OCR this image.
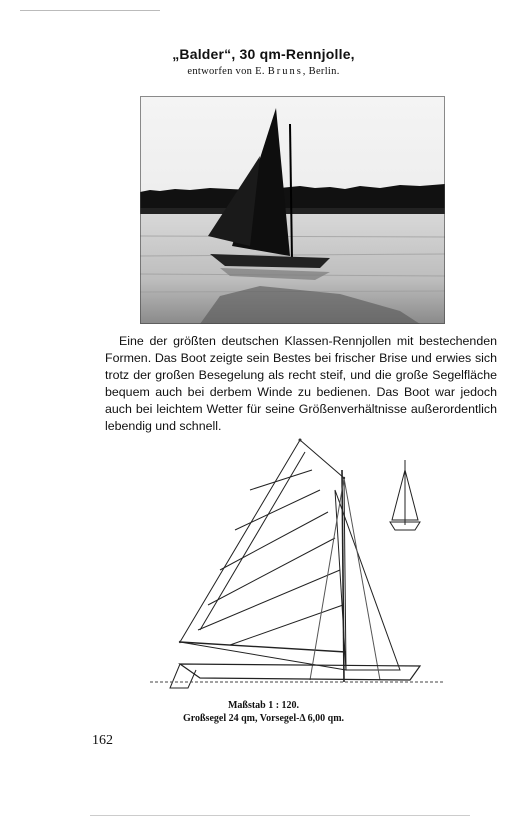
„Balder“, 30 qm-Rennjolle,
entworfen von E. Bruns, Berlin.

Eine der größten deutschen Klassen-Rennjollen mit bestechenden Formen. Das Boot zeigte sein Bestes bei frischer Brise und erwies sich trotz der großen Besegelung als recht steif, und die große Segelfläche bequem auch bei derbem Winde zu bedienen. Das Boot war jedoch auch bei leichtem Wetter für seine Größenverhältnisse außerordentlich lebendig und schnell.

Maßstab 1 : 120.
Großsegel 24 qm, Vorsegel-Δ 6,00 qm.
162
